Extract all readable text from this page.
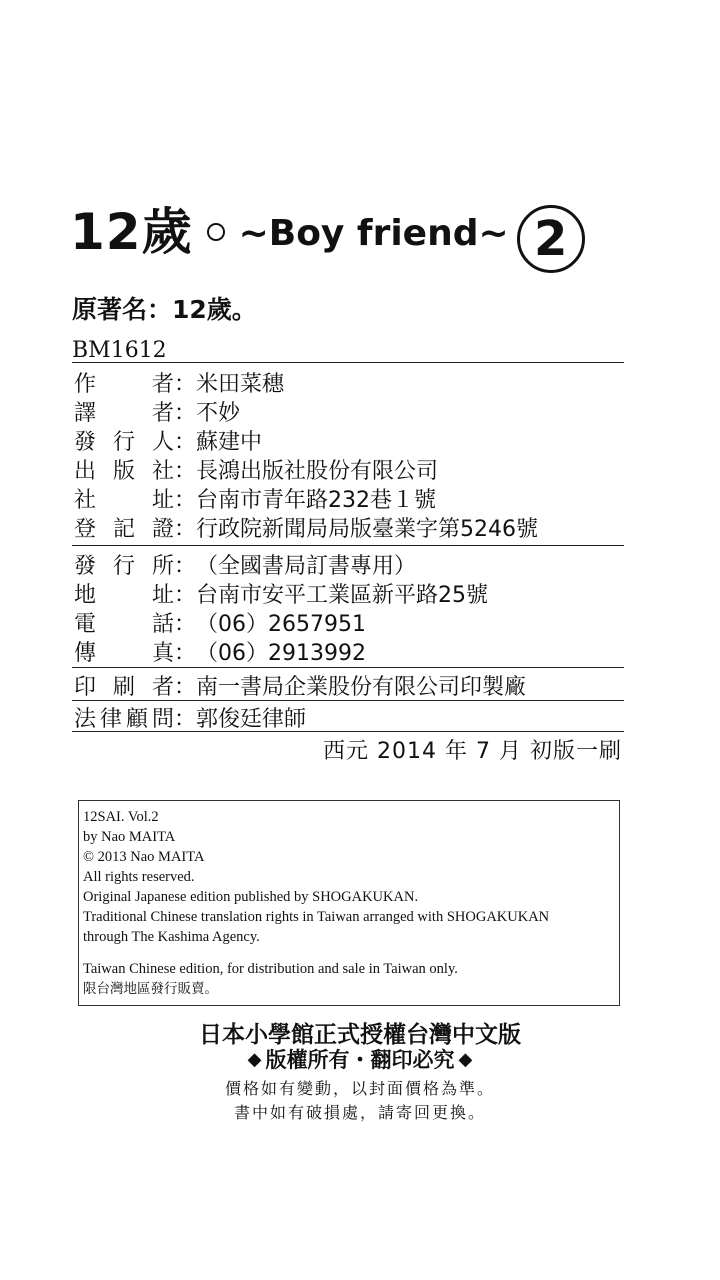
12歲 ~Boy friend~ 2
原著名：12歲。
BM1612
作	者 ： 米田菜穗
譯	者 ： 不妙
發 行 人 ： 蘇建中
出 版 社 ： 長鴻出版社股份有限公司
社	址 ： 台南市青年路232巷１號
登 記 證 ： 行政院新聞局局版臺業字第5246號
發 行 所 ： （全國書局訂書專用）
地	址 ： 台南市安平工業區新平路25號
電	話 ： （06）2657951
傳	真 ： （06）2913992
印 刷 者 ： 南一書局企業股份有限公司印製廠
法 律 顧 問 ： 郭俊廷律師
西元 2014 年 7 月 初版一刷
12SAI. Vol.2
by Nao MAITA
© 2013 Nao MAITA
All rights reserved.
Original Japanese edition published by SHOGAKUKAN.
Traditional Chinese translation rights in Taiwan arranged with SHOGAKUKAN
through The Kashima Agency.
Taiwan Chinese edition, for distribution and sale in Taiwan only.
限台灣地區發行販賣。
日本小學館正式授權台灣中文版
◆ 版權所有・翻印必究 ◆
價格如有變動，以封面價格為準。
書中如有破損處，請寄回更換。
